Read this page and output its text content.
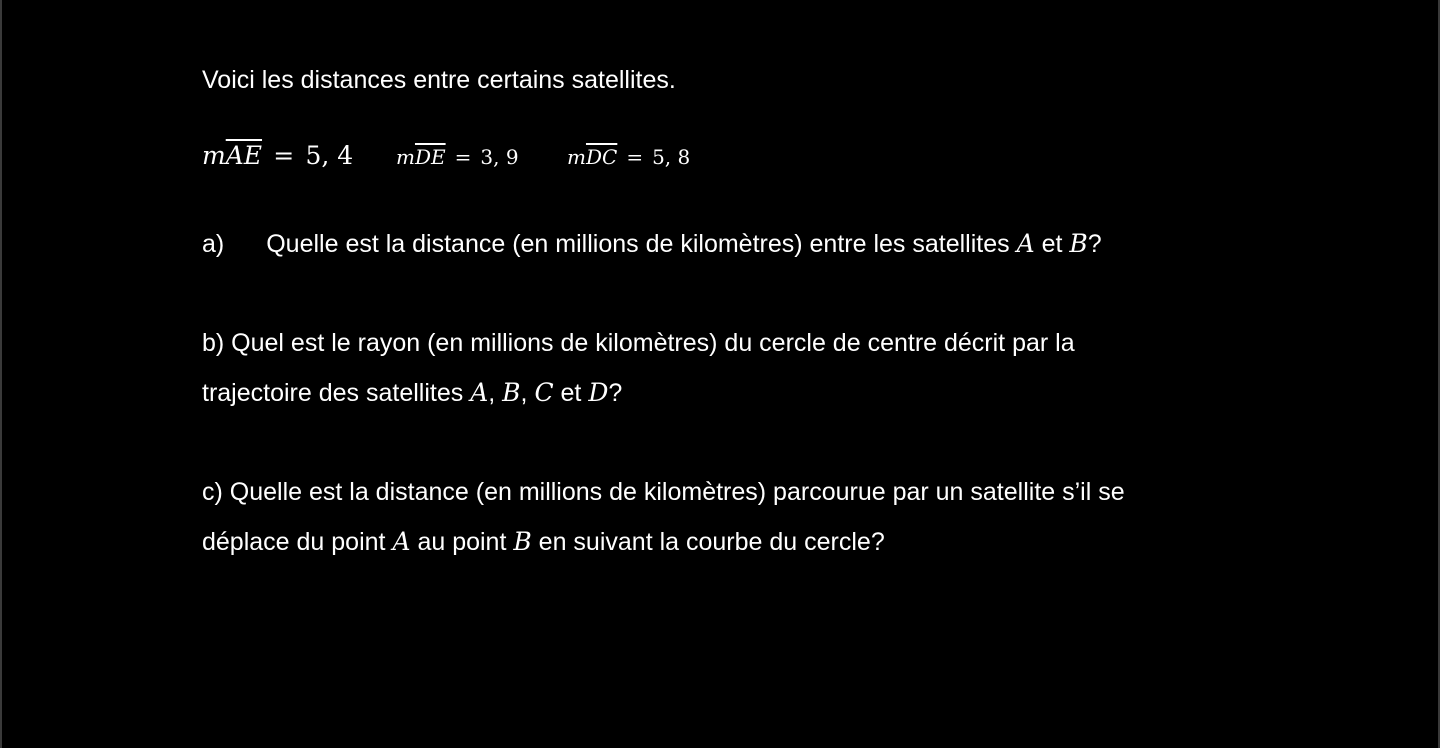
Voici les distances entre certains satellites.
$m\overline{AE} = 5$, 4 $m\overline{DE} = 3$, 9 $m\overline{DC} = 5$, 8
a) Quelle est la distance (en millions de kilomètres) entre les satellites A et B?
b) Quel est le rayon (en millions de kilomètres) du cercle de centre décrit par la
trajectoire des satellites A, B, C et D?
c) Quelle est la distance (en millions de kilomètres) parcourue par un satellite s’il se
déplace du point A au point B en suivant la courbe du cercle?
